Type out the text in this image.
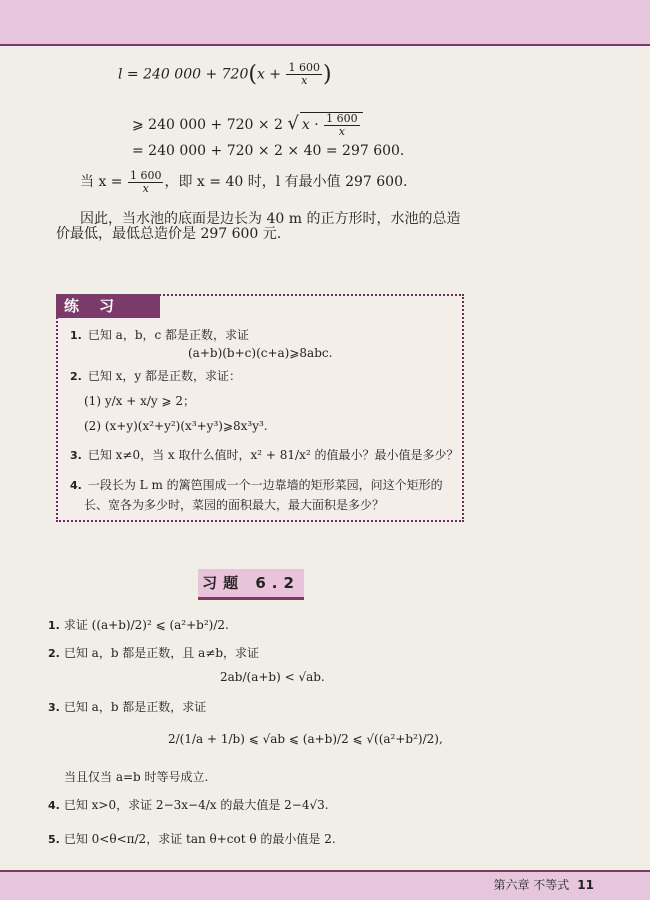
l = 240 $000 + 720(x + \frac{1 600}{x}$ )
⩾ 240 000 + 720 × 2 √ $x \cdot \frac{1 600}{x}$
= 240 000 + 720 × 2 × 40 = 297 600.
当 $x = \frac{1 600}{x}$ ，即 x = 40 时，l 有最小值 297 600.
因此，当水池的底面是边长为 40 m 的正方形时，水池的总造
价最低，最低总造价是 297 600 元.
练习
1. 已知 a，b，c 都是正数，求证
(a+b)(b+c)(c+a)⩾8abc.
2. 已知 x，y 都是正数，求证：
(1) y/x + x/y ⩾ 2；
(2) (x+y)(x²+y²)(x³+y³)⩾8x³y³.
3. 已知 x≠0，当 x 取什么值时，x² + 81/x² 的值最小？最小值是多少？
4. 一段长为 L m 的篱笆围成一个一边靠墙的矩形菜园，问这个矩形的
长、宽各为多少时，菜园的面积最大，最大面积是多少？
习题 6.2
1. 求证 ((a+b)/2)² ⩽ (a²+b²)/2.
2. 已知 a，b 都是正数，且 a≠b，求证
2ab/(a+b) < √ab.
3. 已知 a，b 都是正数，求证
2/(1/a + 1/b) ⩽ √ab ⩽ (a+b)/2 ⩽ √((a²+b²)/2),
当且仅当 a=b 时等号成立.
4. 已知 x>0，求证 2−3x−4/x 的最大值是 2−4√3.
5. 已知 0<θ<π/2，求证 tan θ+cot θ 的最小值是 2.
第六章 不等式 11
